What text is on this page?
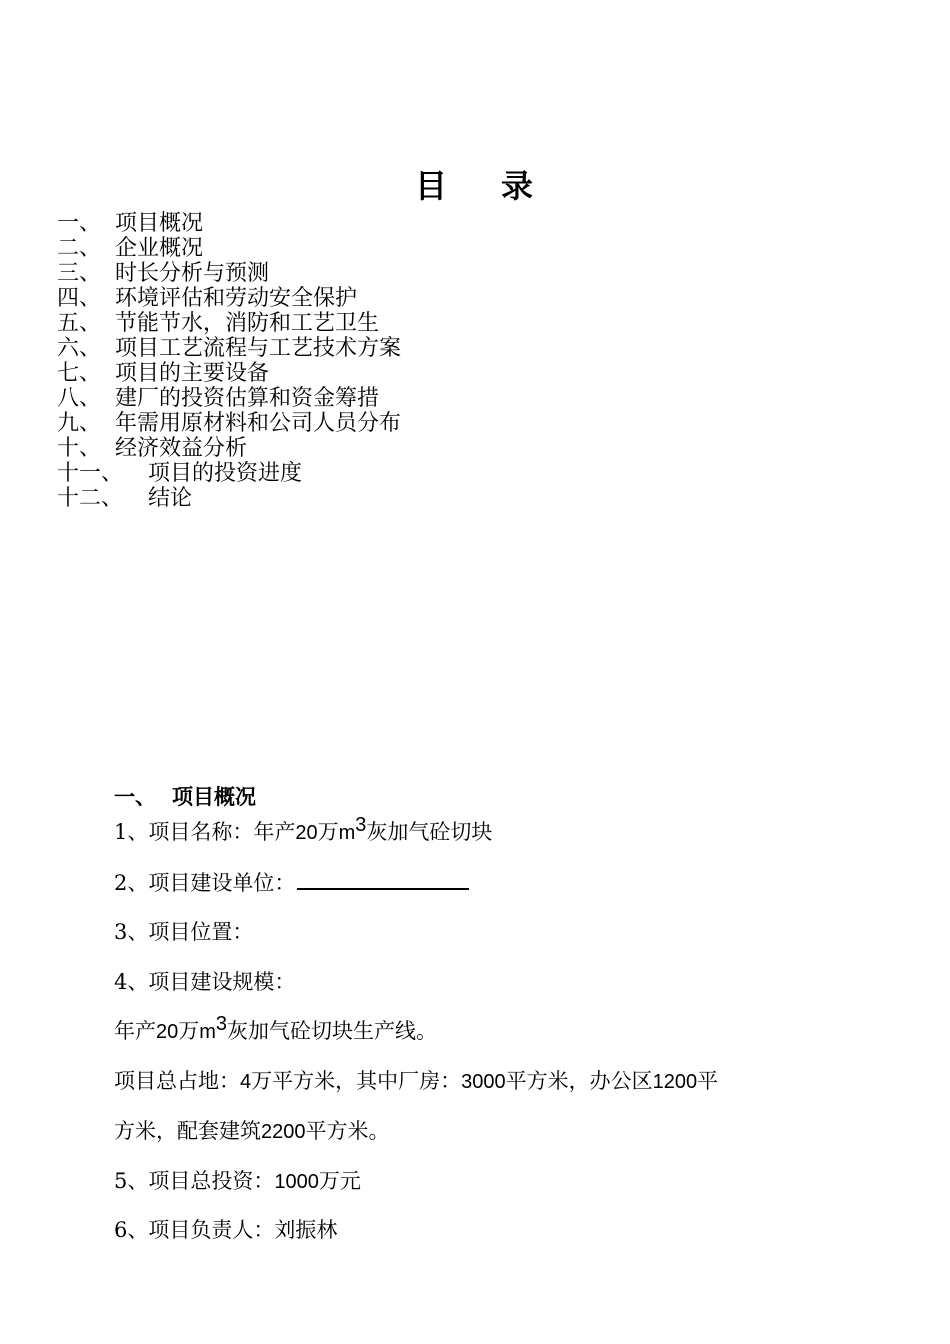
目 录
一、 项目概况
二、 企业概况
三、 时长分析与预测
四、 环境评估和劳动安全保护
五、 节能节水，消防和工艺卫生
六、 项目工艺流程与工艺技术方案
七、 项目的主要设备
八、 建厂的投资估算和资金筹措
九、 年需用原材料和公司人员分布
十、 经济效益分析
十一、 项目的投资进度
十二、 结论
一、 项目概况
1、项目名称：年产20万$m^3$灰加气砼切块
2、项目建设单位：
3、项目位置：
4、项目建设规模：
年产20万$m^3$灰加气砼切块生产线。
项目总占地：4万平方米，其中厂房：3000平方米，办公区1200平
方米，配套建筑2200平方米。
5、项目总投资：1000万元
6、项目负责人：刘振林
